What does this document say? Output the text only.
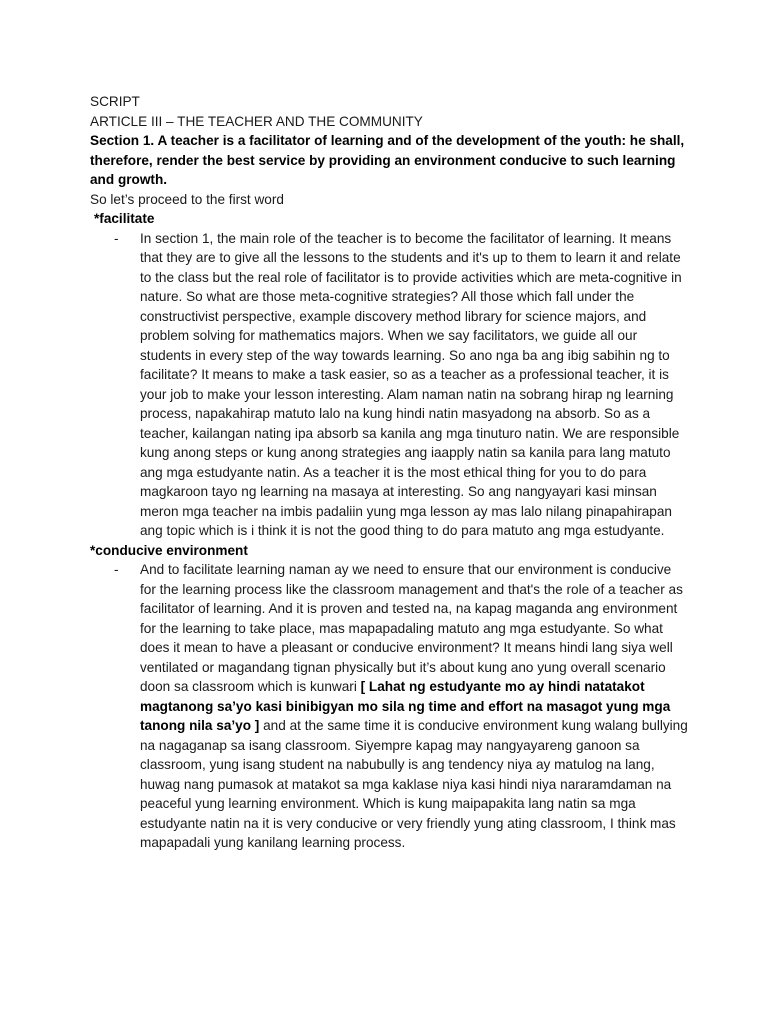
SCRIPT

ARTICLE III – THE TEACHER AND THE COMMUNITY

Section 1. A teacher is a facilitator of learning and of the development of the youth: he shall, therefore, render the best service by providing an environment conducive to such learning and growth.

So let’s proceed to the first word

*facilitate

-	In section 1, the main role of the teacher is to become the facilitator of learning. It means that they are to give all the lessons to the students and it's up to them to learn it and relate to the class but the real role of facilitator is to provide activities which are meta-cognitive in nature. So what are those meta-cognitive strategies? All those which fall under the constructivist perspective, example discovery method library for science majors, and problem solving for mathematics majors. When we say facilitators, we guide all our students in every step of the way towards learning. So ano nga ba ang ibig sabihin ng to facilitate? It means to make a task easier, so as a teacher as a professional teacher, it is your job to make your lesson interesting. Alam naman natin na sobrang hirap ng learning process, napakahirap matuto lalo na kung hindi natin masyadong na absorb. So as a teacher, kailangan nating ipa absorb sa kanila ang mga tinuturo natin. We are responsible kung anong steps or kung anong strategies ang iaapply natin sa kanila para lang matuto ang mga estudyante natin. As a teacher it is the most ethical thing for you to do para magkaroon tayo ng learning na masaya at interesting. So ang nangyayari kasi minsan meron mga teacher na imbis padaliin yung mga lesson ay mas lalo nilang pinapahirapan ang topic which is i think it is not the good thing to do para matuto ang mga estudyante.

*conducive environment

-	And to facilitate learning naman ay we need to ensure that our environment is conducive for the learning process like the classroom management and that's the role of a teacher as facilitator of learning. And it is proven and tested na, na kapag maganda ang environment for the learning to take place, mas mapapadaling matuto ang mga estudyante. So what does it mean to have a pleasant or conducive environment? It means hindi lang siya well ventilated or magandang tignan physically but it’s about kung ano yung overall scenario doon sa classroom which is kunwari [ Lahat ng estudyante mo ay hindi natatakot magtanong sa’yo kasi binibigyan mo sila ng time and effort na masagot yung mga tanong nila sa’yo ] and at the same time it is conducive environment kung walang bullying na nagaganap sa isang classroom. Siyempre kapag may nangyayareng ganoon sa classroom, yung isang student na nabubully is ang tendency niya ay matulog na lang, huwag nang pumasok at matakot sa mga kaklase niya kasi hindi niya nararamdaman na peaceful yung learning environment. Which is kung maipapakita lang natin sa mga estudyante natin na it is very conducive or very friendly yung ating classroom, I think mas mapapadali yung kanilang learning process.
